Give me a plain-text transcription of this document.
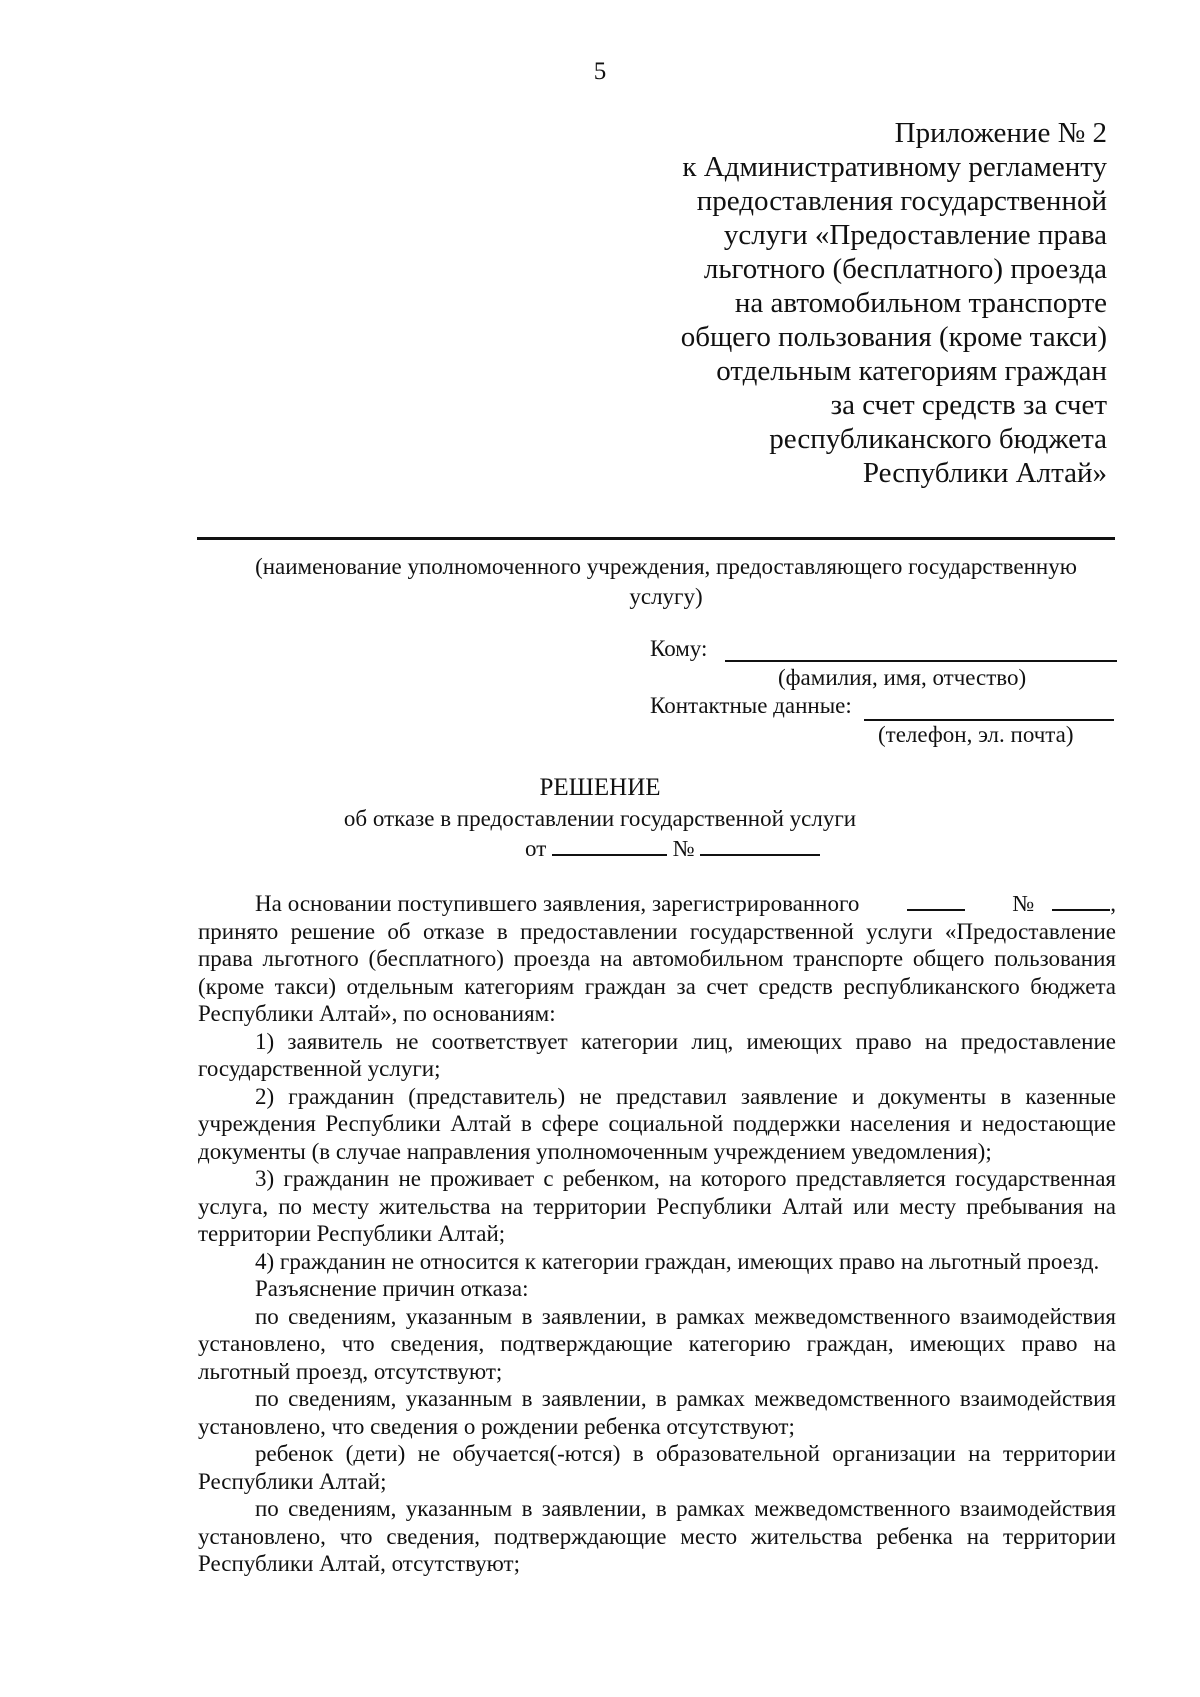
5
Приложение № 2
к Административному регламенту
предоставления государственной
услуги «Предоставление права
льготного (бесплатного) проезда
на автомобильном транспорте
общего пользования (кроме такси)
отдельным категориям граждан
за счет средств за счет
республиканского бюджета
Республики Алтай»
(наименование уполномоченного учреждения, предоставляющего государственную услугу)
Кому:
(фамилия, имя, отчество)
Контактные данные:
(телефон, эл. почта)
РЕШЕНИЕ
об отказе в предоставлении государственной услуги
от	№

На основании поступившего заявления, зарегистрированного	№	, принято решение об отказе в предоставлении государственной услуги «Предоставление права льготного (бесплатного) проезда на автомобильном транспорте общего пользования (кроме такси) отдельным категориям граждан за счет средств республиканского бюджета Республики Алтай», по основаниям:

1) заявитель не соответствует категории лиц, имеющих право на предоставление государственной услуги;

2) гражданин (представитель) не представил заявление и документы в казенные учреждения Республики Алтай в сфере социальной поддержки населения и недостающие документы (в случае направления уполномоченным учреждением уведомления);

3) гражданин не проживает с ребенком, на которого представляется государственная услуга, по месту жительства на территории Республики Алтай или месту пребывания на территории Республики Алтай;

4) гражданин не относится к категории граждан, имеющих право на льготный проезд.

Разъяснение причин отказа:

по сведениям, указанным в заявлении, в рамках межведомственного взаимодействия установлено, что сведения, подтверждающие категорию граждан, имеющих право на льготный проезд, отсутствуют;

по сведениям, указанным в заявлении, в рамках межведомственного взаимодействия установлено, что сведения о рождении ребенка отсутствуют;

ребенок (дети) не обучается(-ются) в образовательной организации на территории Республики Алтай;

по сведениям, указанным в заявлении, в рамках межведомственного взаимодействия установлено, что сведения, подтверждающие место жительства ребенка на территории Республики Алтай, отсутствуют;
